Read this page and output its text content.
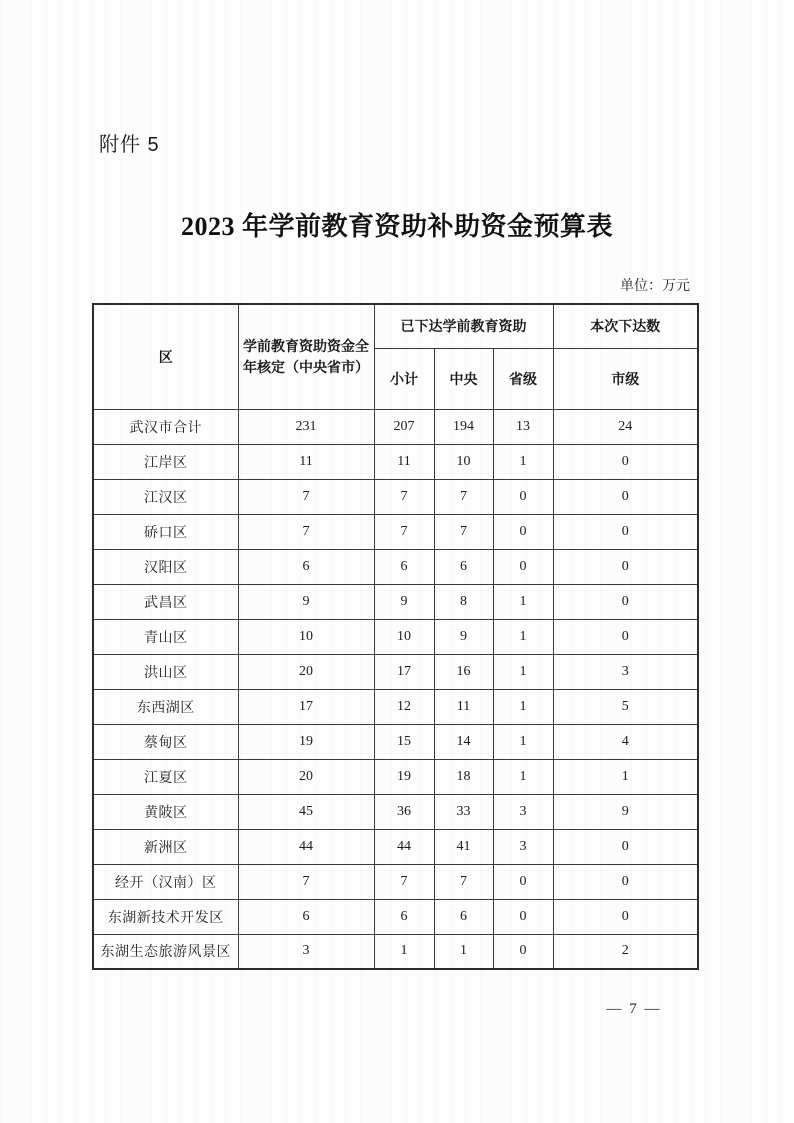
附件 5
2023 年学前教育资助补助资金预算表
单位：万元
区	学前教育资助资金全年核定（中央省市）	已下达学前教育资助			本次下达数
		小计	中央	省级	市级
武汉市合计	231	207	194	13	24
江岸区	11	11	10	1	0
江汉区	7	7	7	0	0
硚口区	7	7	7	0	0
汉阳区	6	6	6	0	0
武昌区	9	9	8	1	0
青山区	10	10	9	1	0
洪山区	20	17	16	1	3
东西湖区	17	12	11	1	5
蔡甸区	19	15	14	1	4
江夏区	20	19	18	1	1
黄陂区	45	36	33	3	9
新洲区	44	44	41	3	0
经开（汉南）区	7	7	7	0	0
东湖新技术开发区	6	6	6	0	0
东湖生态旅游风景区	3	1	1	0	2
— 7 —
